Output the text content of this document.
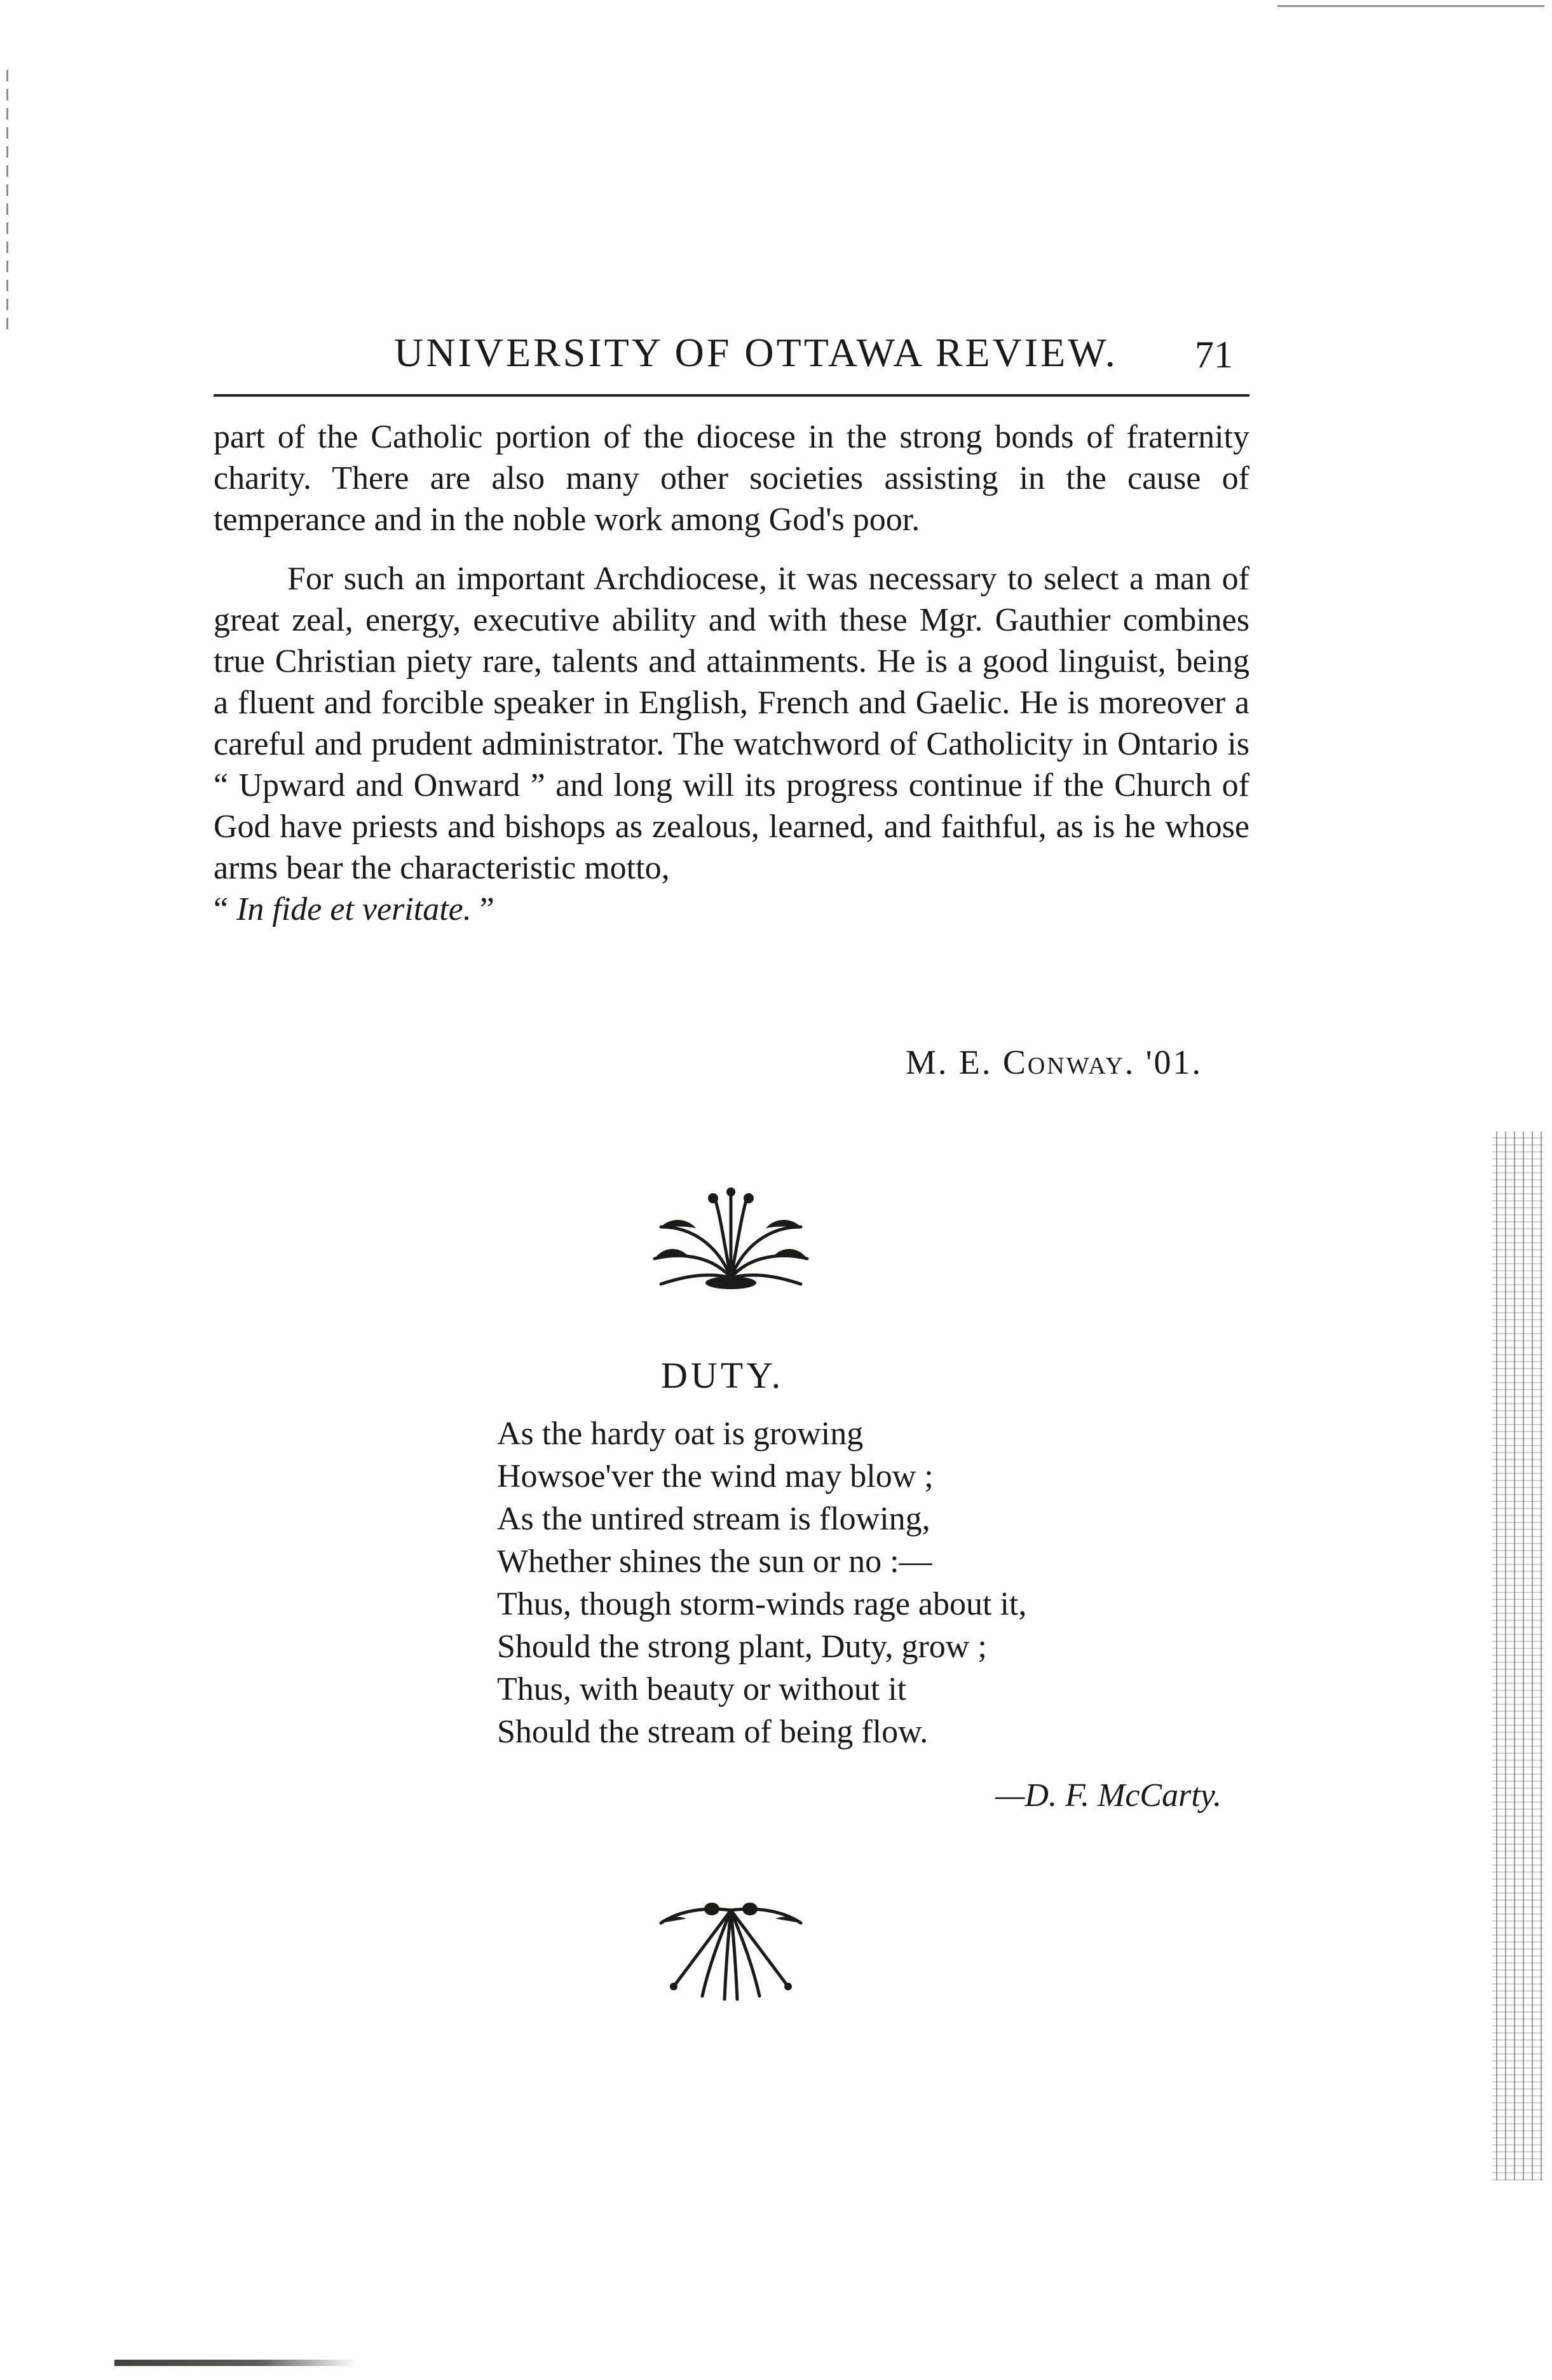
UNIVERSITY OF OTTAWA REVIEW. 71

part of the Catholic portion of the diocese in the strong bonds of fraternity charity. There are also many other societies assisting in the cause of temperance and in the noble work among God's poor.

For such an important Archdiocese, it was necessary to select a man of great zeal, energy, executive ability and with these Mgr. Gauthier combines true Christian piety rare, talents and attainments. He is a good linguist, being a fluent and forcible speaker in English, French and Gaelic. He is moreover a careful and prudent administrator. The watchword of Catholicity in Ontario is “ Upward and Onward ” and long will its progress continue if the Church of God have priests and bishops as zealous, learned, and faithful, as is he whose arms bear the characteristic motto,
“ In fide et veritate. ”

M. E. Conway. '01.
DUTY.
As the hardy oat is growing
Howsoe'ver the wind may blow ;
As the untired stream is flowing,
Whether shines the sun or no :—
Thus, though storm-winds rage about it,
Should the strong plant, Duty, grow ;
Thus, with beauty or without it
Should the stream of being flow.
—D. F. McCarty.
